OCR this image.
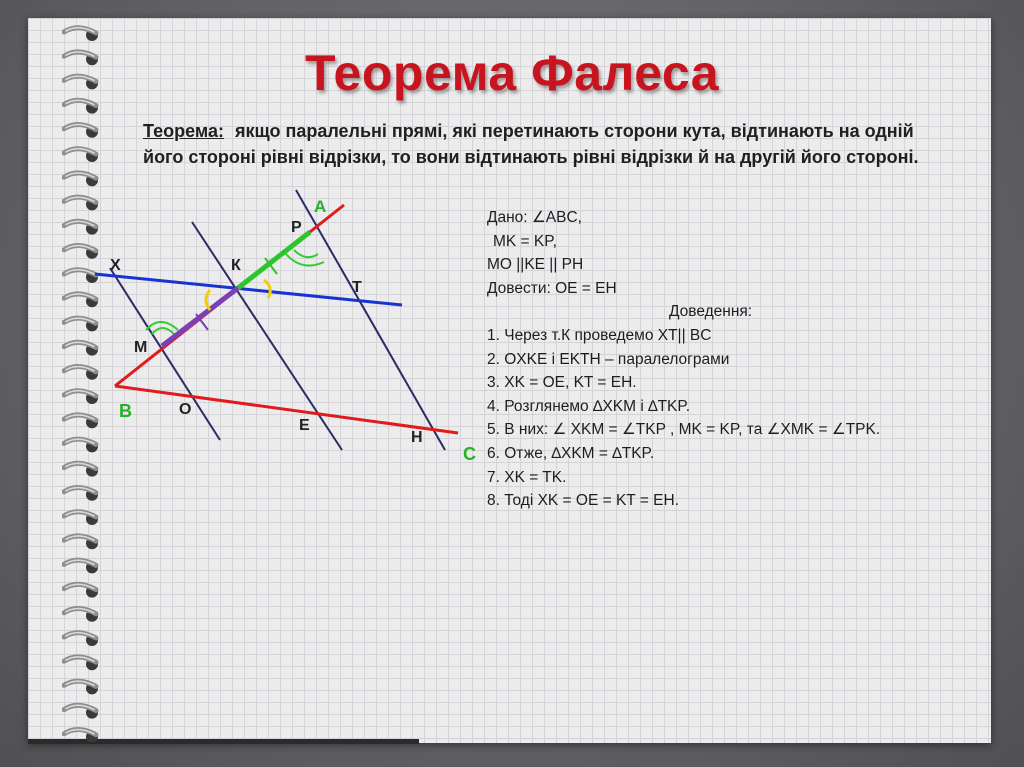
Теорема Фалеса
Теорема: якщо паралельні прямі, які перетинають сторони кута, відтинають на одній його стороні рівні відрізки, то вони відтинають рівні відрізки й на другій його стороні.
A
P
X	К
T
M
B	O
E
H
C
Дано: ∠ABC,
MK = KP,
MO ||KE || PH
Довести: OE = EH
Доведення:
1. Через т.К проведемо XT|| BC
2. OXKE і EKTH – паралелограми
3. XK = OE, KT = EH.
4. Розглянемо ∆XKM і ∆TKP.
5. В них: ∠ XKM = ∠TKP , MK = KP, та ∠XMK = ∠TPK.
6. Отже, ∆XKM = ∆TKP.
7. XK = TK.
8. Тоді XK = OE = KT = EH.
